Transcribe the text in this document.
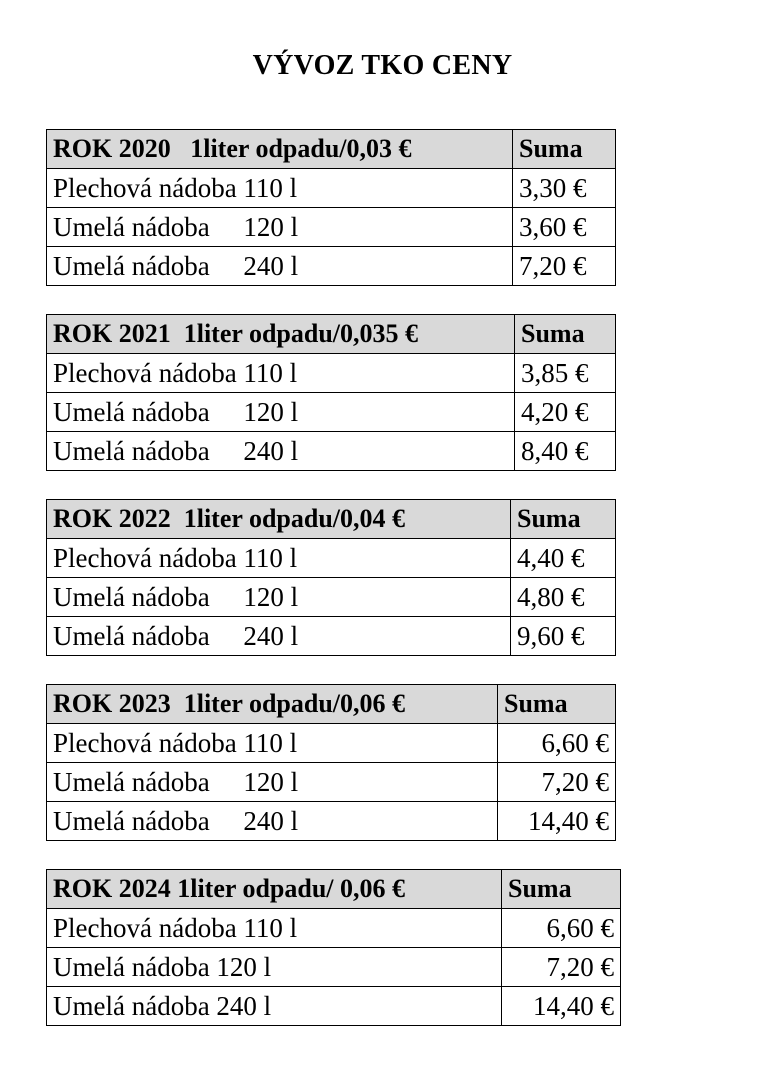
VÝVOZ TKO CENY
ROK 2020   1liter odpadu/0,03 €	Suma
Plechová nádoba 110 l	3,30 €
Umelá nádoba     120 l	3,60 €
Umelá nádoba     240 l	7,20 €
ROK 2021  1liter odpadu/0,035 €	Suma
Plechová nádoba 110 l	3,85 €
Umelá nádoba     120 l	4,20 €
Umelá nádoba     240 l	8,40 €
ROK 2022  1liter odpadu/0,04 €	Suma
Plechová nádoba 110 l	4,40 €
Umelá nádoba     120 l	4,80 €
Umelá nádoba     240 l	9,60 €
ROK 2023  1liter odpadu/0,06 €	Suma
Plechová nádoba 110 l	6,60 €
Umelá nádoba     120 l	7,20 €
Umelá nádoba     240 l	14,40 €
ROK 2024 1liter odpadu/ 0,06 €	Suma
Plechová nádoba 110 l	6,60 €
Umelá nádoba 120 l	7,20 €
Umelá nádoba 240 l	14,40 €
